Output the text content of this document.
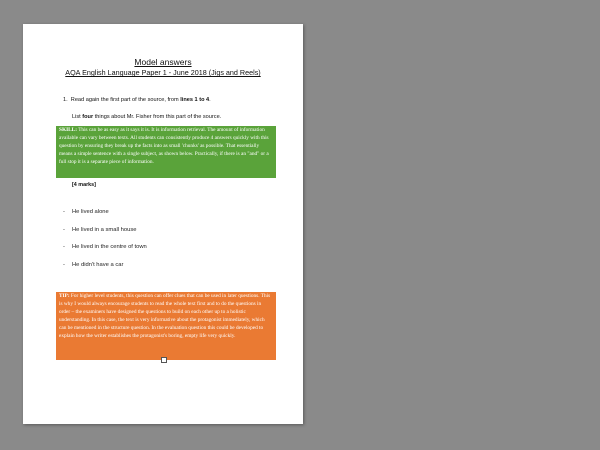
Model answers
AQA English Language Paper 1 - June 2018 (Jigs and Reels)
1. Read again the first part of the source, from lines 1 to 4.
List four things about Mr. Fisher from this part of the source.
SKILL: This can be as easy as it says it is. It is information retrieval. The amount of information available can vary between texts. All students can consistently produce 4 answers quickly with this question by ensuring they break up the facts into as small 'chunks' as possible. That essentially means a simple sentence with a single subject, as shown below. Practically, if there is an "and" or a full stop it is a separate piece of information.
[4 marks]
- He lived alone
- He lived in a small house
- He lived in the centre of town
- He didn't have a car
TIP: For higher level students, this question can offer clues that can be used in later questions. This is why I would always encourage students to read the whole text first and to do the questions in order – the examiners have designed the questions to build on each other up to a holistic understanding. In this case, the text is very informative about the protagonist immediately, which can be mentioned in the structure question. In the evaluation question this could be developed to explain how the writer establishes the protagonist's boring, empty life very quickly.
